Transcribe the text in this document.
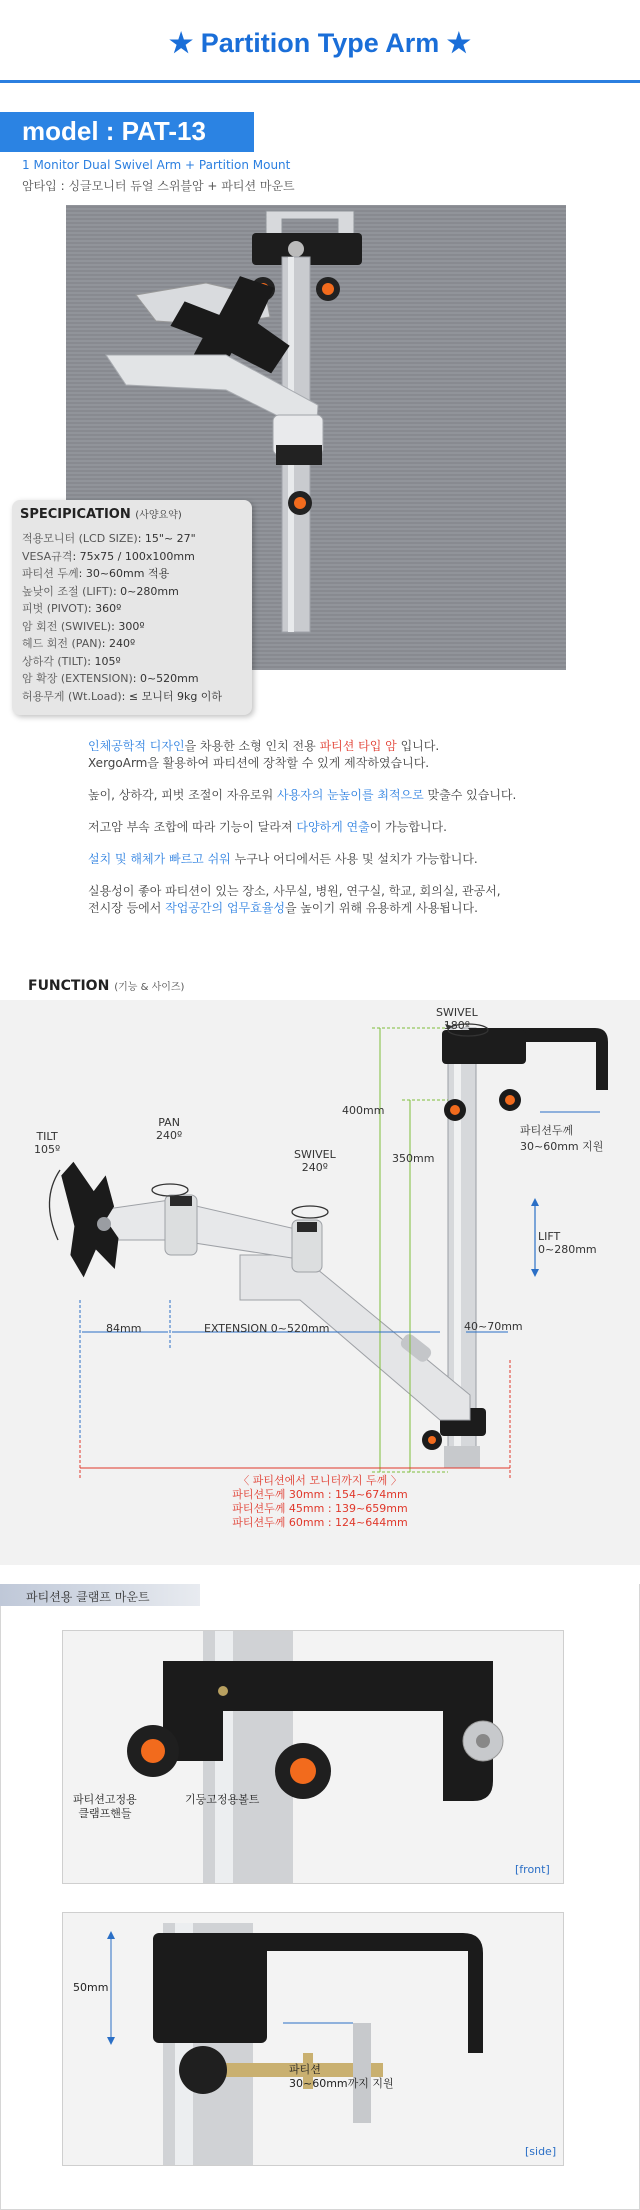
★ Partition Type Arm ★
model : PAT-13
1 Monitor Dual Swivel Arm + Partition Mount
암타입 : 싱글모니터 듀얼 스위블암 + 파티션 마운트
SPECIPICATION (사양요약)
적용모니터 (LCD SIZE): 15"~ 27"
VESA규격: 75x75 / 100x100mm
파티션 두께: 30~60mm 적용
높낮이 조절 (LIFT): 0~280mm
피벗 (PIVOT): 360º
암 회전 (SWIVEL): 300º
헤드 회전 (PAN): 240º
상하각 (TILT): 105º
암 확장 (EXTENSION): 0~520mm
허용무게 (Wt.Load): ≤ 모니터 9kg 이하

인체공학적 디자인을 차용한 소형 인치 전용 파티션 타입 암 입니다.
XergoArm을 활용하여 파티션에 장착할 수 있게 제작하였습니다.

높이, 상하각, 피벗 조절이 자유로워 사용자의 눈높이를 최적으로 맞출수 있습니다.

저고암 부속 조합에 따라 기능이 달라져 다양하게 연출이 가능합니다.

설치 및 해체가 빠르고 쉬워 누구나 어디에서든 사용 및 설치가 가능합니다.

실용성이 좋아 파티션이 있는 장소, 사무실, 병원, 연구실, 학교, 회의실, 관공서,
전시장 등에서 작업공간의 업무효율성을 높이기 위해 유용하게 사용됩니다.

FUNCTION (기능 & 사이즈)
SWIVEL
180º
PAN
240º
SWIVEL
240º
TILT
105º
400mm
350mm
파티션두께
30~60mm 지원
LIFT
0~280mm
84mm	EXTENSION 0~520mm	40~70mm
〈 파티션에서 모니터까지 두께 〉
파티션두께 30mm : 154~674mm
파티션두께 45mm : 139~659mm
파티션두께 60mm : 124~644mm
파티션용 클램프 마운트
파티션고정용
클램프핸들
기둥고정용볼트
[front]
50mm
파티션
30~60mm까지 지원
[side]
